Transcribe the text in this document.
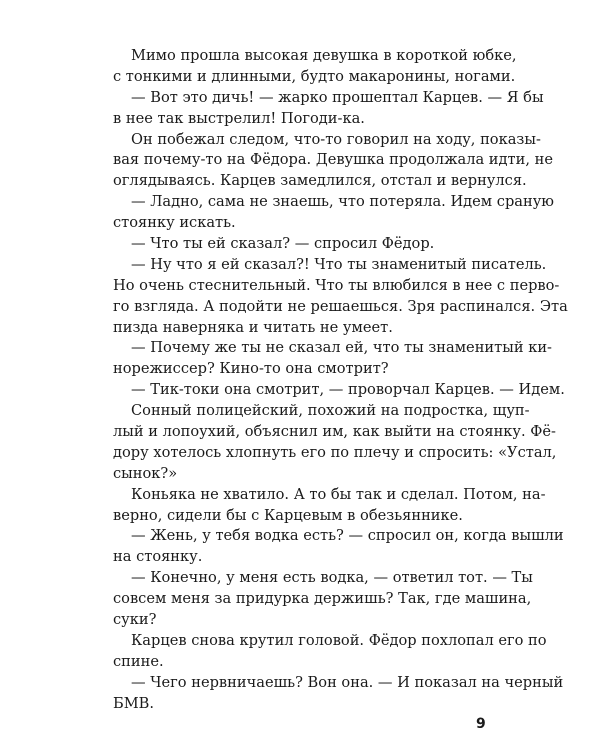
Мимо прошла высокая девушка в короткой юбке,
с тонкими и длинными, будто макаронины, ногами.
— Вот это дичь! — жарко прошептал Карцев. — Я бы
в нее так выстрелил! Погоди-ка.
Он побежал следом, что-то говорил на ходу, показы-
вая почему-то на Фёдора. Девушка продолжала идти, не
оглядываясь. Карцев замедлился, отстал и вернулся.
— Ладно, сама не знаешь, что потеряла. Идем сраную
стоянку искать.
— Что ты ей сказал? — спросил Фёдор.
— Ну что я ей сказал?! Что ты знаменитый писатель.
Но очень стеснительный. Что ты влюбился в нее с перво-
го взгляда. А подойти не решаешься. Зря распинался. Эта
пизда наверняка и читать не умеет.
— Почему же ты не сказал ей, что ты знаменитый ки-
норежиссер? Кино-то она смотрит?
— Тик-токи она смотрит, — проворчал Карцев. — Идем.
Сонный полицейский, похожий на подростка, щуп-
лый и лопоухий, объяснил им, как выйти на стоянку. Фё-
дору хотелось хлопнуть его по плечу и спросить: «Устал,
сынок?»
Коньяка не хватило. А то бы так и сделал. Потом, на-
верно, сидели бы с Карцевым в обезьяннике.
— Жень, у тебя водка есть? — спросил он, когда вышли
на стоянку.
— Конечно, у меня есть водка, — ответил тот. — Ты
совсем меня за придурка держишь? Так, где машина,
суки?
Карцев снова крутил головой. Фёдор похлопал его по
спине.
— Чего нервничаешь? Вон она. — И показал на черный
БМВ.
9
